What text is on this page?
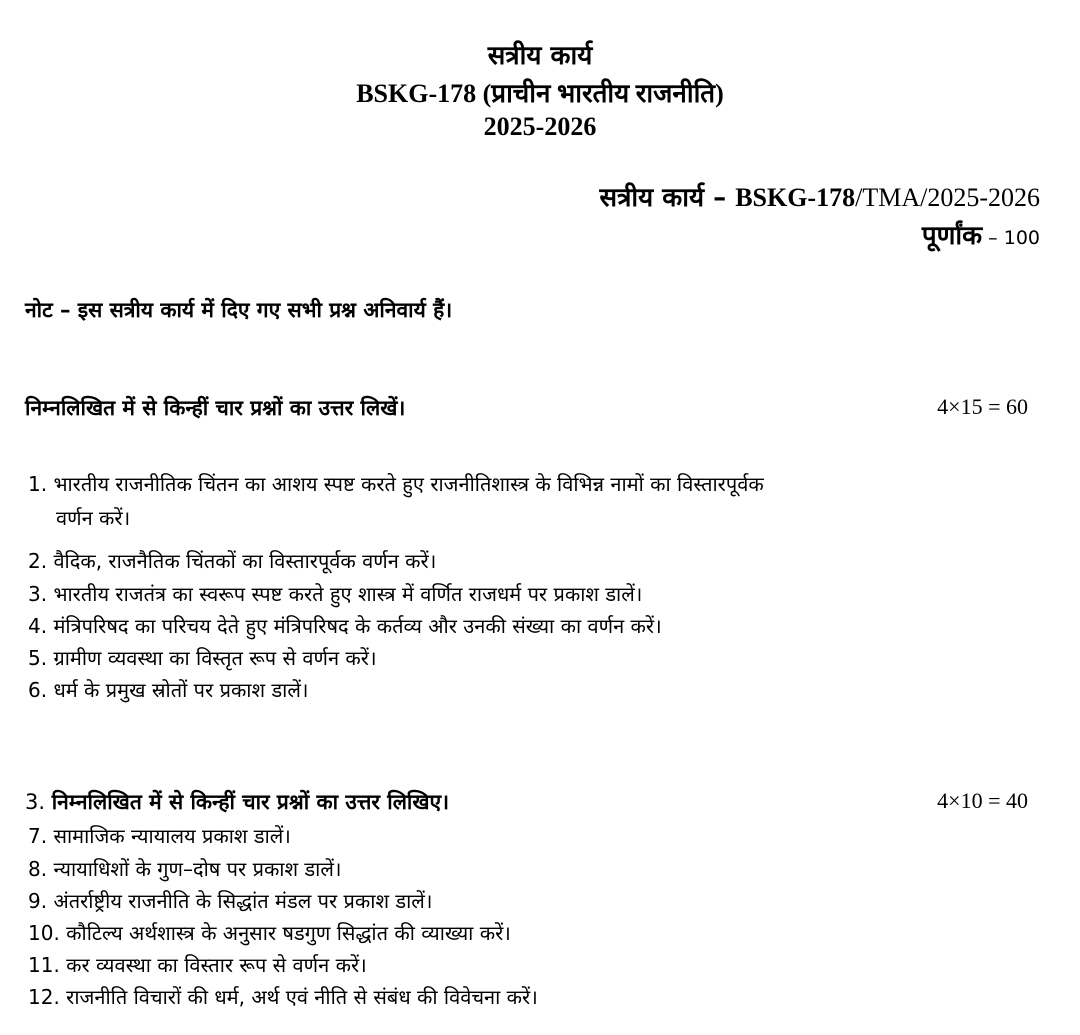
सत्रीय कार्य
BSKG-178 (प्राचीन भारतीय राजनीति)
2025-2026
सत्रीय कार्य – BSKG-178/TMA/2025-2026
पूर्णांक – 100
नोट – इस सत्रीय कार्य में दिए गए सभी प्रश्न अनिवार्य हैं।
निम्नलिखित में से किन्हीं चार प्रश्नों का उत्तर लिखें।	4×15 = 60
1. भारतीय राजनीतिक चिंतन का आशय स्पष्ट करते हुए राजनीतिशास्त्र के विभिन्न नामों का विस्तारपूर्वक
वर्णन करें।
2. वैदिक, राजनैतिक चिंतकों का विस्तारपूर्वक वर्णन करें।
3. भारतीय राजतंत्र का स्वरूप स्पष्ट करते हुए शास्त्र में वर्णित राजधर्म पर प्रकाश डालें।
4. मंत्रिपरिषद का परिचय देते हुए मंत्रिपरिषद के कर्तव्य और उनकी संख्या का वर्णन करें।
5. ग्रामीण व्यवस्था का विस्तृत रूप से वर्णन करें।
6. धर्म के प्रमुख स्रोतों पर प्रकाश डालें।
3. निम्नलिखित में से किन्हीं चार प्रश्नों का उत्तर लिखिए।	4×10 = 40
7. सामाजिक न्यायालय प्रकाश डालें।
8. न्यायाधिशों के गुण–दोष पर प्रकाश डालें।
9. अंतर्राष्ट्रीय राजनीति के सिद्धांत मंडल पर प्रकाश डालें।
10. कौटिल्य अर्थशास्त्र के अनुसार षडगुण सिद्धांत की व्याख्या करें।
11. कर व्यवस्था का विस्तार रूप से वर्णन करें।
12. राजनीति विचारों की धर्म, अर्थ एवं नीति से संबंध की विवेचना करें।
